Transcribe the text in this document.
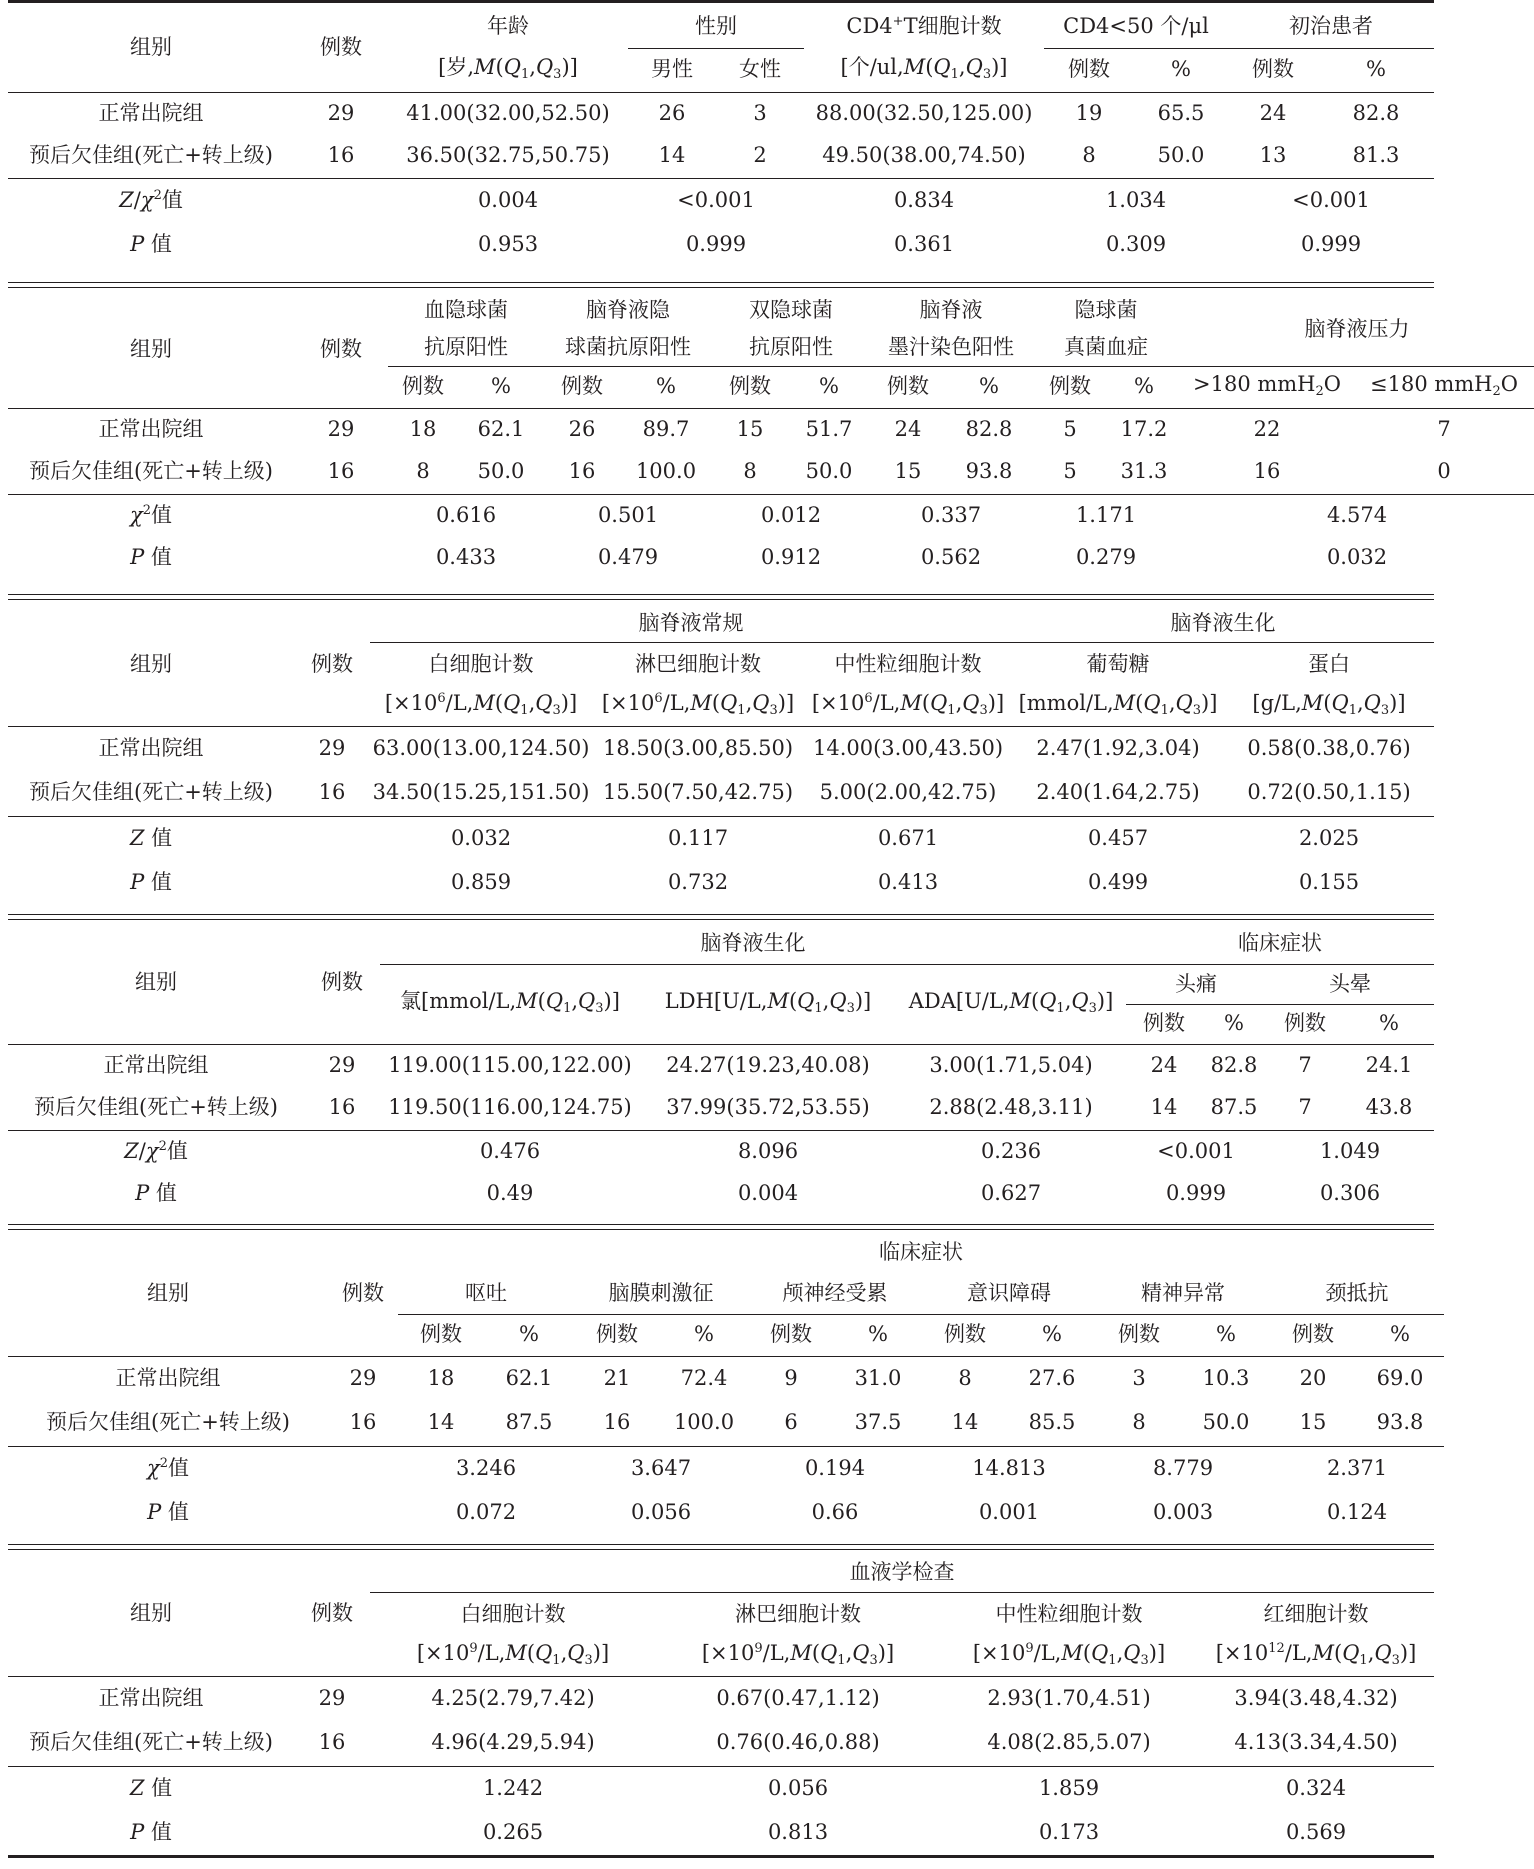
组别	例数	年龄	性别		CD4+T细胞计数	CD4<50 个/μl		初治患者	
		[岁$,M(Q_1,Q_3)$]	男性	女性	[个$/ul,M(Q_1,Q_3)$]	例数	%	例数	%

正常出院组	29	41.00(32.00,52.50)	26	3	88.00(32.50,125.00)	19	65.5	24	82.8
预后欠佳组(死亡+转上级)	16	36.50(32.75,50.75)	14	2	49.50(38.00,74.50)	8	50.0	13	81.3

$Z/\chi^2$值		0.004	<0.001		0.834	1.034		<0.001	
P 值		0.953	0.999		0.361	0.309		0.999	
组别	例数	血隐球菌		脑脊液隐		双隐球菌		脑脊液		隐球菌		脑脊液压力	
		抗原阳性		球菌抗原阳性		抗原阳性		墨汁染色阳性		真菌血症			
		例数	%	例数	%	例数	%	例数	%	例数	%	>180 mmH$_2$O	≤180 mmH$_2$O

正常出院组	29	18	62.1	26	89.7	15	51.7	24	82.8	5	17.2	22	7
预后欠佳组(死亡+转上级)	16	8	50.0	16	100.0	8	50.0	15	93.8	5	31.3	16	0

$\chi^2$值		0.616		0.501		0.012		0.337		1.171		4.574	
P 值		0.433		0.479		0.912		0.562		0.279		0.032	
组别	例数	脑脊液常规			脑脊液生化	
		白细胞计数	淋巴细胞计数	中性粒细胞计数	葡萄糖	蛋白
		$[\times 10^6/L,M(Q_1,Q_3)]$	$[\times 10^6/L,M(Q_1,Q_3)]$	$[\times 10^6/L,M(Q_1,Q_3)]$	$[mmol/L,M(Q_1,Q_3)]$	$[g/L,M(Q_1,Q_3)]$

正常出院组	29	63.00(13.00,124.50)	18.50(3.00,85.50)	14.00(3.00,43.50)	2.47(1.92,3.04)	0.58(0.38,0.76)
预后欠佳组(死亡+转上级)	16	34.50(15.25,151.50)	15.50(7.50,42.75)	5.00(2.00,42.75)	2.40(1.64,2.75)	0.72(0.50,1.15)

Z 值		0.032	0.117	0.671	0.457	2.025
P 值		0.859	0.732	0.413	0.499	0.155
组别	例数	脑脊液生化			临床症状			
		氯$[mmol/L,M(Q_1,Q_3)]$	$LDH[U/L,M(Q_1,Q_3)]$	$ADA[U/L,M(Q_1,Q_3)]$	头痛		头晕	
					例数	%	例数	%

正常出院组	29	119.00(115.00,122.00)	24.27(19.23,40.08)	3.00(1.71,5.04)	24	82.8	7	24.1
预后欠佳组(死亡+转上级)	16	119.50(116.00,124.75)	37.99(35.72,53.55)	2.88(2.48,3.11)	14	87.5	7	43.8

$Z/\chi^2$值		0.476	8.096	0.236	<0.001		1.049	
P 值		0.49	0.004	0.627	0.999		0.306	
组别	例数	临床症状											
		呕吐		脑膜刺激征		颅神经受累		意识障碍		精神异常		颈抵抗	
		例数	%	例数	%	例数	%	例数	%	例数	%	例数	%

正常出院组	29	18	62.1	21	72.4	9	31.0	8	27.6	3	10.3	20	69.0
预后欠佳组(死亡+转上级)	16	14	87.5	16	100.0	6	37.5	14	85.5	8	50.0	15	93.8

$\chi^2$值		3.246		3.647		0.194		14.813		8.779		2.371	
P 值		0.072		0.056		0.66		0.001		0.003		0.124	
组别	例数	血液学检查			
		白细胞计数	淋巴细胞计数	中性粒细胞计数	红细胞计数
		$[\times 10^9/L,M(Q_1,Q_3)]$	$[\times 10^9/L,M(Q_1,Q_3)]$	$[\times 10^9/L,M(Q_1,Q_3)]$	$[\times 10^{12}/L,M(Q_1,Q_3)]$

正常出院组	29	4.25(2.79,7.42)	0.67(0.47,1.12)	2.93(1.70,4.51)	3.94(3.48,4.32)
预后欠佳组(死亡+转上级)	16	4.96(4.29,5.94)	0.76(0.46,0.88)	4.08(2.85,5.07)	4.13(3.34,4.50)

Z 值		1.242	0.056	1.859	0.324
P 值		0.265	0.813	0.173	0.569
